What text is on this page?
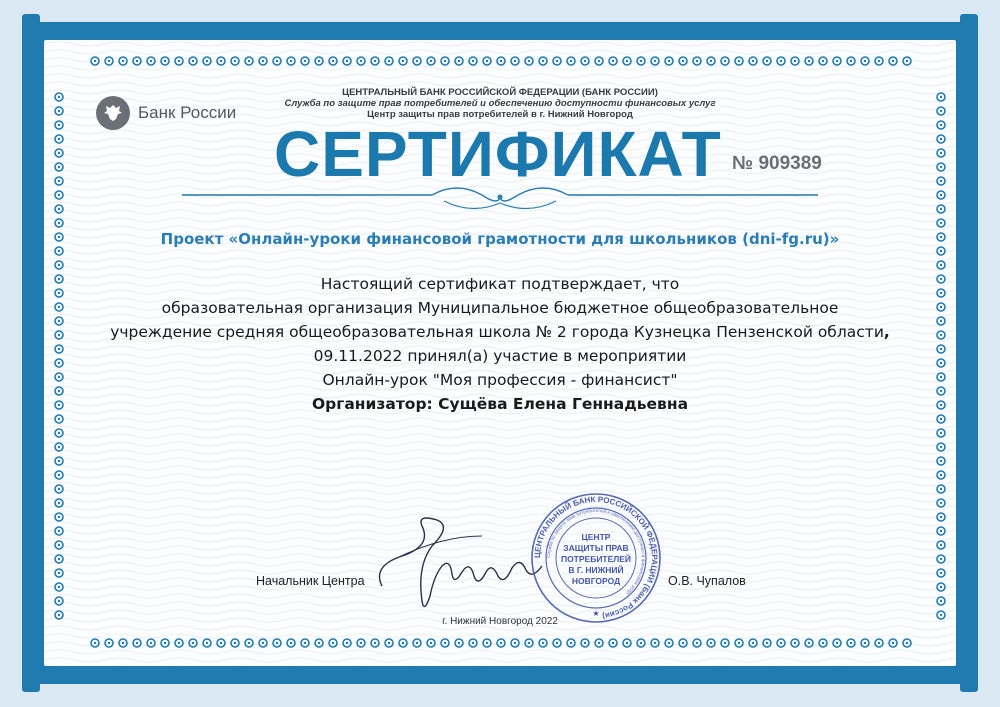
Банк России
ЦЕНТРАЛЬНЫЙ БАНК РОССИЙСКОЙ ФЕДЕРАЦИИ (БАНК РОССИИ)
Служба по защите прав потребителей и обеспечению доступности финансовых услуг
Центр защиты прав потребителей в г. Нижний Новгород
СЕРТИФИКАТ № 909389
Проект «Онлайн-уроки финансовой грамотности для школьников (dni-fg.ru)»
Настоящий сертификат подтверждает, что
образовательная организация Муниципальное бюджетное общеобразовательное
учреждение средняя общеобразовательная школа № 2 города Кузнецка Пензенской области,
09.11.2022 принял(а) участие в мероприятии
Онлайн-урок "Моя профессия - финансист"
Организатор: Сущёва Елена Геннадьевна
Начальник Центра	О.В. Чупалов
ЦЕНТРАЛЬНЫЙ БАНК РОССИЙСКОЙ ФЕДЕРАЦИИ (Банк России)
Служба по защите прав потребителей и обеспечению доступности финансовых услуг
ЦЕНТР
ЗАЩИТЫ ПРАВ
ПОТРЕБИТЕЛЕЙ
В Г. НИЖНИЙ
НОВГОРОД
★
г. Нижний Новгород 2022
